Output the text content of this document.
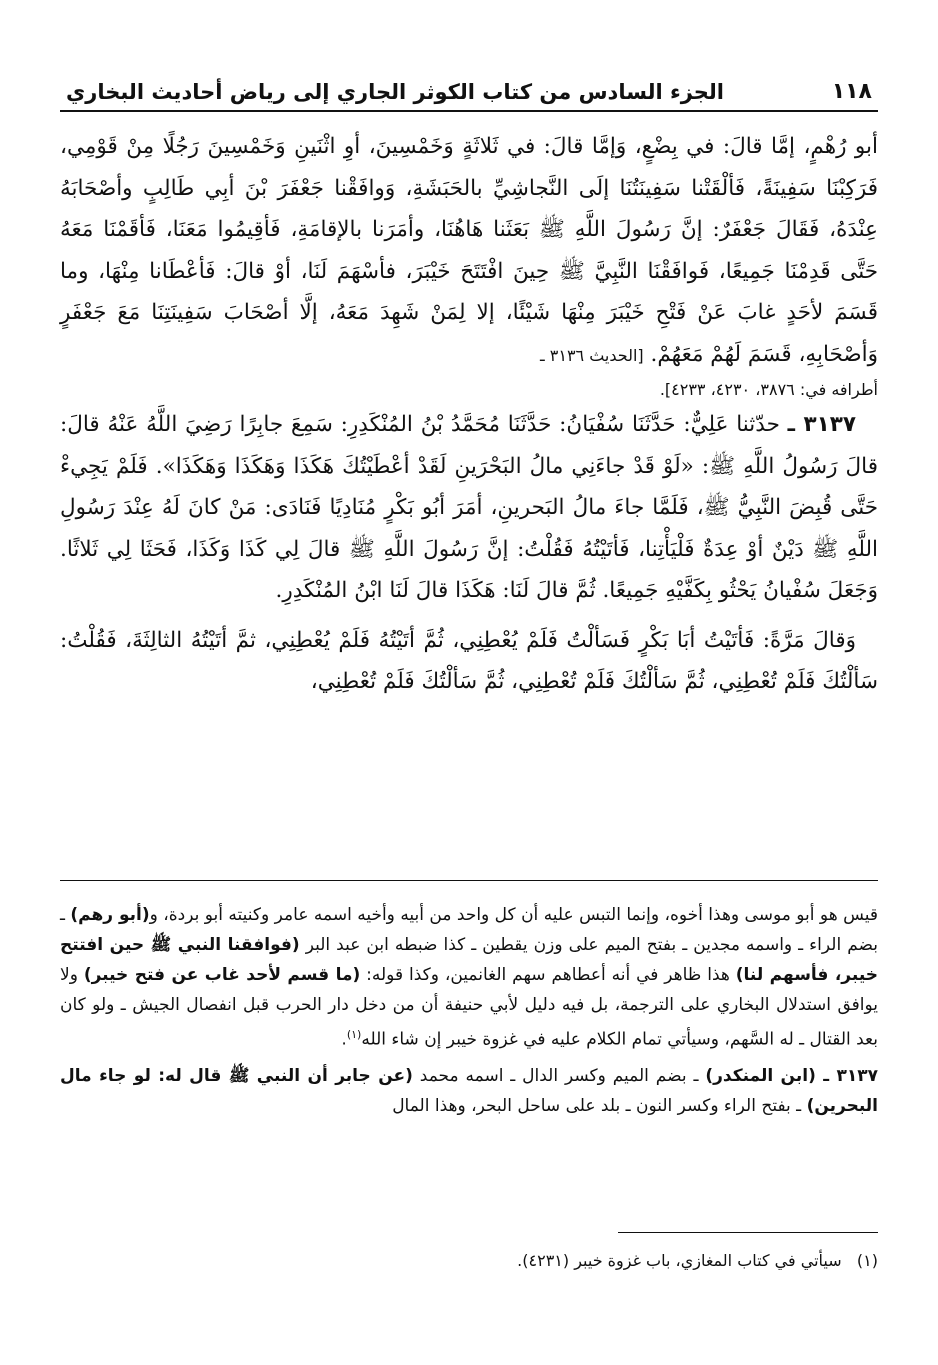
١١٨
الجزء السادس من كتاب الكوثر الجاري إلى رياض أحاديث البخاري

أبو رُهْمٍ، إمَّا قالَ: في بِضْعٍ، وَإمَّا قالَ: في ثَلاثَةٍ وَخَمْسِينَ، أوِ اثْنَينِ وَخَمْسِينَ رَجُلًا مِنْ قَوْمِي، فَرَكِبْنَا سَفِينَةً، فَألْقَتْنا سَفِينَتُنَا إلَى النَّجاشِيِّ بالحَبَشَةِ، وَوافَقْنا جَعْفَرَ بْنَ أبِي طَالِبٍ وأصْحَابَهُ عِنْدَهُ، فَقَالَ جَعْفَرٌ: إنَّ رَسُولَ اللَّهِ ﷺ بَعَثَنا هَاهُنَا، وأمَرَنا بالإقامَةِ، فَأقِيمُوا مَعَنَا، فَأقَمْنَا مَعَهُ حَتَّى قَدِمْنَا جَمِيعًا، فَوافَقْنَا النَّبِيَّ ﷺ حِينَ افْتَتَحَ خَيْبَرَ، فأسْهَمَ لَنَا، أوْ قالَ: فَأعْطَانا مِنْهَا، وما قَسَمَ لأحَدٍ غابَ عَنْ فَتْحِ خَيْبَرَ مِنْهَا شَيْئًا، إلا لِمَنْ شَهِدَ مَعَهُ، إلَّا أصْحَابَ سَفِينَتِنَا مَعَ جَعْفَرٍ وَأصْحَابِهِ، قَسَمَ لَهُمْ مَعَهُمْ. [الحديث ٣١٣٦ ـ

أطرافه في: ٣٨٧٦، ٤٢٣٠، ٤٢٣٣].

٣١٣٧ ـ حدّثنا عَلِيٌّ: حَدَّثَنَا سُفْيَانُ: حَدَّثَنَا مُحَمَّدُ بْنُ المُنْكَدِرِ: سَمِعَ جابِرًا رَضِيَ اللَّهُ عَنْهُ قالَ: قالَ رَسُولُ اللَّهِ ﷺ: «لَوْ قَدْ جاءَنِي مالُ البَحْرَينِ لَقَدْ أعْطَيْتُكَ هَكَذَا وَهَكَذَا وَهَكَذَا». فَلَمْ يَجِيءْ حَتَّى قُبِضَ النَّبِيُّ ﷺ، فَلَمَّا جاءَ مالُ البَحرينِ، أمَرَ أبُو بَكْرٍ مُنَادِيًا فَنَادَى: مَنْ كانَ لَهُ عِنْدَ رَسُولِ اللَّهِ ﷺ دَيْنٌ أوْ عِدَةٌ فَلْيَأْتِنا، فَأتَيْتُهُ فَقُلْتُ: إنَّ رَسُولَ اللَّهِ ﷺ قالَ لِي كَذَا وَكَذَا، فَحَثَا لِي ثَلاثًا. وَجَعَلَ سُفْيانُ يَحْثُو بِكَفَّيْهِ جَمِيعًا. ثُمَّ قالَ لَنَا: هَكَذَا قالَ لَنَا ابْنُ المُنْكَدِرِ.

وَقالَ مَرَّةً: فَأتَيْتُ أبَا بَكْرٍ فَسَألْتُ فَلَمْ يُعْطِنِي، ثُمَّ أتَيْتُهُ فَلَمْ يُعْطِنِي، ثمَّ أتَيْتُهُ الثالِثَةَ، فَقُلْتُ: سَألْتُكَ فَلَمْ تُعْطِنِي، ثُمَّ سَألْتُكَ فَلَمْ تُعْطِنِي، ثُمَّ سَألْتُكَ فَلَمْ تُعْطِنِي،

قيس هو أبو موسى وهذا أخوه، وإنما التبس عليه أن كل واحد من أبيه وأخيه اسمه عامر وكنيته أبو بردة، و(أبو رهم) ـ بضم الراء ـ واسمه مجدين ـ بفتح الميم على وزن يقطين ـ كذا ضبطه ابن عبد البر (فوافقنا النبي ﷺ حين افتتح خيبر، فأسهم لنا) هذا ظاهر في أنه أعطاهم سهم الغانمين، وكذا قوله: (ما قسم لأحد غاب عن فتح خيبر) ولا يوافق استدلال البخاري على الترجمة، بل فيه دليل لأبي حنيفة أن من دخل دار الحرب قبل انفصال الجيش ـ ولو كان بعد القتال ـ له السَّهم، وسيأتي تمام الكلام عليه في غزوة خيبر إن شاء الله$^{(١)}$.

٣١٣٧ ـ (ابن المنكدر) ـ بضم الميم وكسر الدال ـ اسمه محمد (عن جابر أن النبي ﷺ قال له: لو جاء مال البحرين) ـ بفتح الراء وكسر النون ـ بلد على ساحل البحر، وهذا المال

(١)   سيأتي في كتاب المغازي، باب غزوة خيبر (٤٢٣١).
